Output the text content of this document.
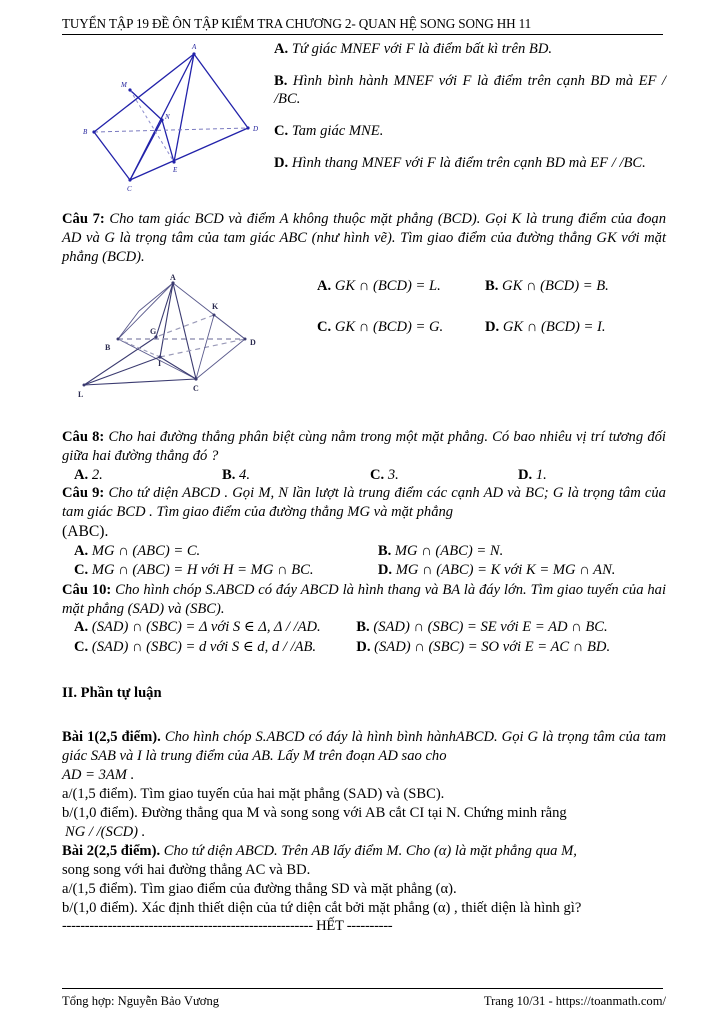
TUYỂN TẬP 19 ĐỀ ÔN TẬP KIỂM TRA CHƯƠNG 2- QUAN HỆ SONG SONG HH 11
A
M
N
B	D
E
C
A. Tứ giác MNEF với F là điểm bất kì trên BD.
B. Hình bình hành MNEF với F là điểm trên cạnh BD mà EF / /BC.
C. Tam giác MNE.
D. Hình thang MNEF với F là điểm trên cạnh BD mà EF / /BC.
Câu 7: Cho tam giác BCD và điểm A không thuộc mặt phẳng (BCD). Gọi K là trung điểm của đoạn AD và G là trọng tâm của tam giác ABC (như hình vẽ). Tìm giao điểm của đường thẳng GK với mặt phẳng (BCD).
A
K
G
B
D
I
L
C
A. GK ∩ (BCD) = L.	B. GK ∩ (BCD) = B.
C. GK ∩ (BCD) = G.	D. GK ∩ (BCD) = I.
Câu 8: Cho hai đường thẳng phân biệt cùng nằm trong một mặt phẳng. Có bao nhiêu vị trí tương đối giữa hai đường thẳng đó ?
A. 2.	B. 4.	C. 3.	D. 1.
Câu 9: Cho tứ diện ABCD . Gọi M, N lần lượt là trung điểm các cạnh AD và BC; G là trọng tâm của tam giác BCD . Tìm giao điểm của đường thẳng MG và mặt phẳng
(ABC).
A. MG ∩ (ABC) = C.	B. MG ∩ (ABC) = N.
C. MG ∩ (ABC) = H với H = MG ∩ BC.	D. MG ∩ (ABC) = K với K = MG ∩ AN.
Câu 10: Cho hình chóp S.ABCD có đáy ABCD là hình thang và BA là đáy lớn. Tìm giao tuyến của hai mặt phẳng (SAD) và (SBC).
A. (SAD) ∩ (SBC) = Δ với S ∈ Δ, Δ / /AD.	B. (SAD) ∩ (SBC) = SE với E = AD ∩ BC.
C. (SAD) ∩ (SBC) = d với S ∈ d, d / /AB.	D. (SAD) ∩ (SBC) = SO với E = AC ∩ BD.
II. Phần tự luận
Bài 1(2,5 điểm). Cho hình chóp S.ABCD có đáy là hình bình hànhABCD. Gọi G là trọng tâm của tam giác SAB và I là trung điểm của AB. Lấy M trên đoạn AD sao cho
AD = 3AM .
a/(1,5 điểm). Tìm giao tuyến của hai mặt phẳng (SAD) và (SBC).
b/(1,0 điểm). Đường thẳng qua M và song song với AB cắt CI tại N. Chứng minh rằng
NG / /(SCD) .
Bài 2(2,5 điểm). Cho tứ diện ABCD. Trên AB lấy điểm M. Cho (α) là mặt phẳng qua M,
song song với hai đường thẳng AC và BD.
a/(1,5 điểm). Tìm giao điểm của đường thẳng SD và mặt phẳng (α).
b/(1,0 điểm). Xác định thiết diện của tứ diện cắt bởi mặt phẳng (α) , thiết diện là hình gì?
------------------------------------------------------- HẾT ----------
Tổng hợp: Nguyễn Bảo Vương	Trang 10/31 - https://toanmath.com/
